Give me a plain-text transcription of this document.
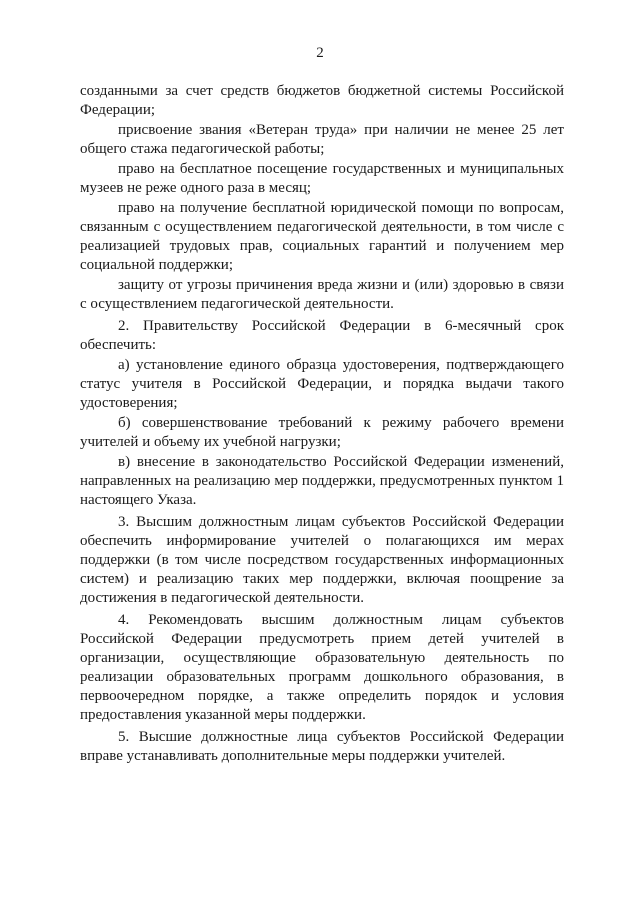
2

созданными за счет средств бюджетов бюджетной системы Российской Федерации;

присвоение звания «Ветеран труда» при наличии не менее 25 лет общего стажа педагогической работы;

право на бесплатное посещение государственных и муниципальных музеев не реже одного раза в месяц;

право на получение бесплатной юридической помощи по вопросам, связанным с осуществлением педагогической деятельности, в том числе с реализацией трудовых прав, социальных гарантий и получением мер социальной поддержки;

защиту от угрозы причинения вреда жизни и (или) здоровью в связи с осуществлением педагогической деятельности.

2. Правительству Российской Федерации в 6-месячный срок обеспечить:

а) установление единого образца удостоверения, подтверждающего статус учителя в Российской Федерации, и порядка выдачи такого удостоверения;

б) совершенствование требований к режиму рабочего времени учителей и объему их учебной нагрузки;

в) внесение в законодательство Российской Федерации изменений, направленных на реализацию мер поддержки, предусмотренных пунктом 1 настоящего Указа.

3. Высшим должностным лицам субъектов Российской Федерации обеспечить информирование учителей о полагающихся им мерах поддержки (в том числе посредством государственных информационных систем) и реализацию таких мер поддержки, включая поощрение за достижения в педагогической деятельности.

4. Рекомендовать высшим должностным лицам субъектов Российской Федерации предусмотреть прием детей учителей в организации, осуществляющие образовательную деятельность по реализации образовательных программ дошкольного образования, в первоочередном порядке, а также определить порядок и условия предоставления указанной меры поддержки.

5. Высшие должностные лица субъектов Российской Федерации вправе устанавливать дополнительные меры поддержки учителей.
